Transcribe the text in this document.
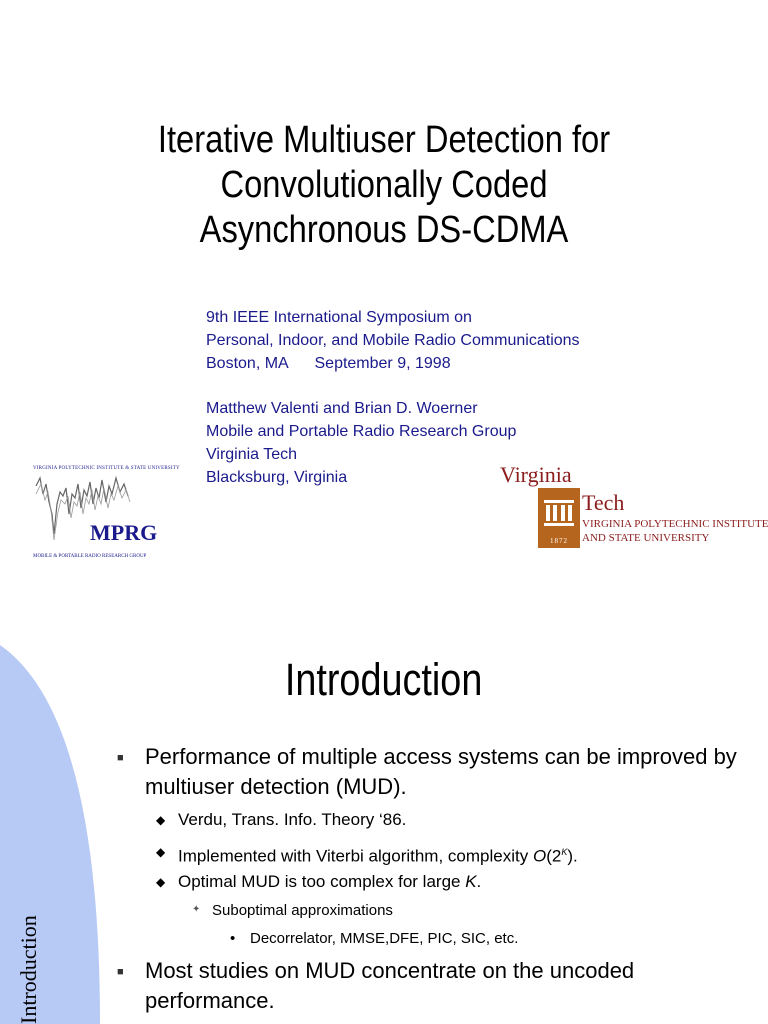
Iterative Multiuser Detection for
Convolutionally Coded
Asynchronous DS-CDMA
9th IEEE International Symposium on
Personal, Indoor, and Mobile Radio Communications
Boston, MA      September 9, 1998
Matthew Valenti and Brian D. Woerner
Mobile and Portable Radio Research Group
Virginia Tech
Blacksburg, Virginia
VIRGINIA POLYTECHNIC INSTITUTE & STATE UNIVERSITY
MPRG
MOBILE & PORTABLE RADIO RESEARCH GROUP
Virginia
1872
Tech
VIRGINIA POLYTECHNIC INSTITUTE
AND STATE UNIVERSITY
Introduction
Introduction
■ Performance of multiple access systems can be improved by multiuser detection (MUD).
◆ Verdu, Trans. Info. Theory ‘86.
◆ Implemented with Viterbi algorithm, complexity $O(2^K)$.
◆ Optimal MUD is too complex for large K.
✦ Suboptimal approximations
• Decorrelator, MMSE,DFE, PIC, SIC, etc.
■ Most studies on MUD concentrate on the uncoded performance.
